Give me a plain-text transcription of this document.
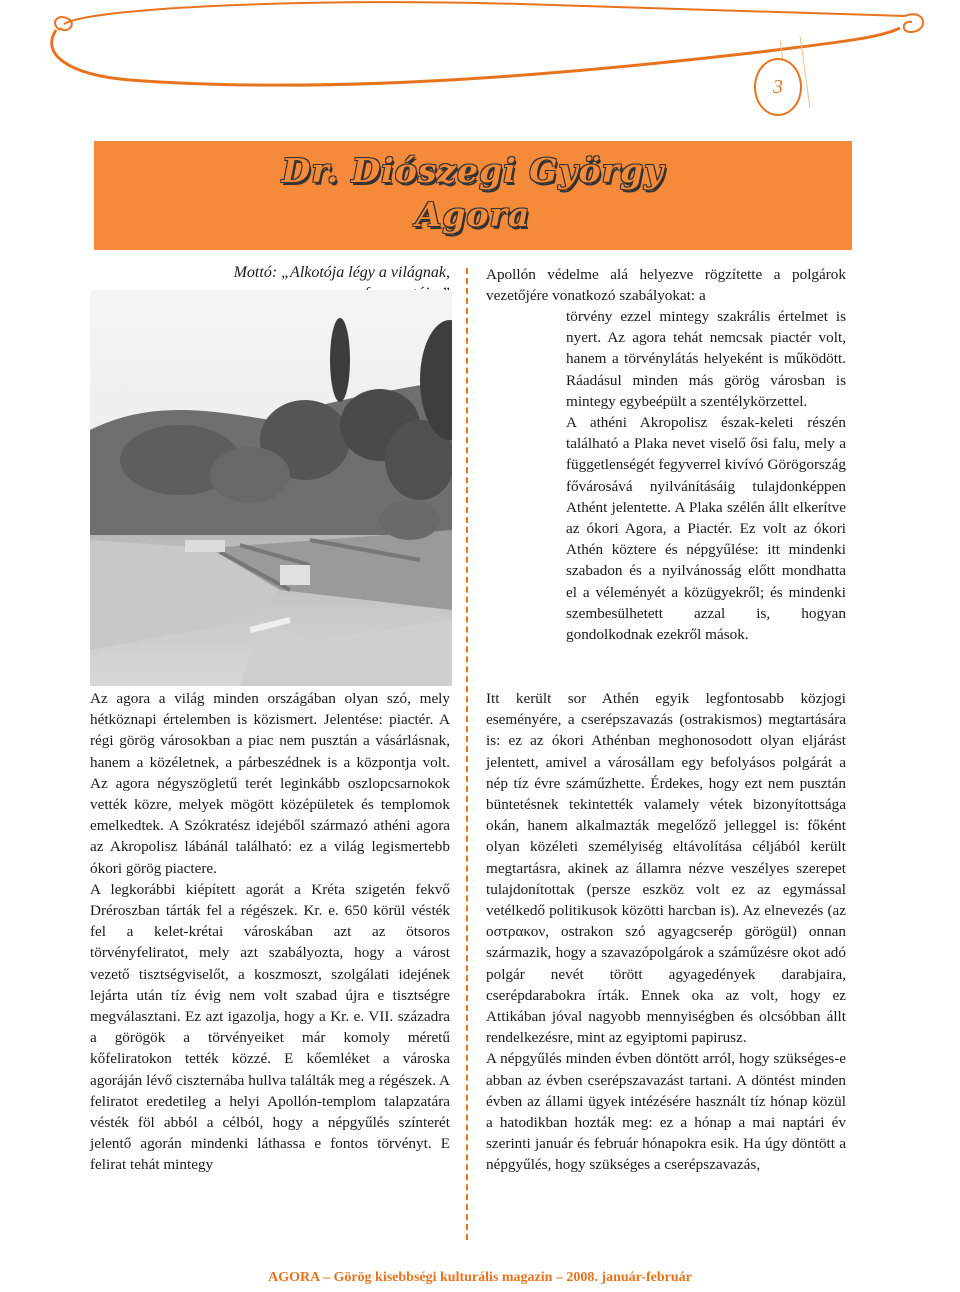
3
Dr. Diószegi György
Agora
Mottó: „Alkotója légy a világnak,

Az agora a világ minden országában olyan szó, mely hétköznapi értelemben is közismert. Jelentése: piactér. A régi görög városokban a piac nem pusztán a vásárlásnak, hanem a közéletnek, a párbeszédnek is a központja volt. Az agora négyszögletű terét leginkább oszlopcsarnokok vették közre, melyek mögött középületek és templomok emelkedtek. A Szókratész idejéből származó athéni agora az Akropolisz lábánál található: ez a világ legismertebb ókori görög piactere.

A legkorábbi kiépített agorát a Kréta szigetén fekvő Dréroszban tárták fel a régészek. Kr. e. 650 körül vésték fel a kelet-krétai városkában azt az ötsoros törvényfeliratot, mely azt szabályozta, hogy a várost vezető tisztségviselőt, a koszmoszt, szolgálati idejének lejárta után tíz évig nem volt szabad újra e tisztségre megválasztani. Ez azt igazolja, hogy a Kr. e. VII. századra a görögök a törvényeiket már komoly méretű kőfeliratokon tették közzé. E kőemléket a városka agoráján lévő ciszternába hullva találták meg a régészek. A feliratot eredetileg a helyi Apollón-templom talapzatára vésték föl abból a célból, hogy a népgyűlés színterét jelentő agorán mindenki láthassa e fontos törvényt. E felirat tehát mintegy

Apollón védelme alá helyezve rögzítette a polgárok vezetőjére vonatkozó szabályokat: a

törvény ezzel mintegy szakrális értelmet is nyert. Az agora tehát nemcsak piactér volt, hanem a törvénylátás helyeként is működött. Ráadásul minden más görög városban is mintegy egybeépült a szentélykörzettel.

A athéni Akropolisz észak-keleti részén található a Plaka nevet viselő ősi falu, mely a függetlenségét fegyverrel kivívó Görögország fővárosává nyilvánításáig tulajdonképpen Athént jelentette. A Plaka szélén állt elkerítve az ókori Agora, a Piactér. Ez volt az ókori Athén köztere és népgyűlése: itt mindenki szabadon és a nyilvánosság előtt mondhatta el a véleményét a közügyekről; és mindenki szembesülhetett azzal is, hogyan gondolkodnak ezekről mások.

Itt került sor Athén egyik legfontosabb közjogi eseményére, a cserépszavazás (ostrakismos) megtartására is: ez az ókori Athénban meghonosodott olyan eljárást jelentett, amivel a városállam egy befolyásos polgárát a nép tíz évre száműzhette. Érdekes, hogy ezt nem pusztán büntetésnek tekintették valamely vétek bizonyítottsága okán, hanem alkalmazták megelőző jelleggel is: főként olyan közéleti személyiség eltávolítása céljából került megtartásra, akinek az államra nézve veszélyes szerepet tulajdonítottak (persze eszköz volt ez az egymással vetélkedő politikusok közötti harcban is). Az elnevezés (az οστρακον, ostrakon szó agyagcserép görögül) onnan származik, hogy a szavazópolgárok a száműzésre okot adó polgár nevét törött agyagedények darabjaira, cserépdarabokra írták. Ennek oka az volt, hogy ez Attikában jóval nagyobb mennyiségben és olcsóbban állt rendelkezésre, mint az egyiptomi papirusz.

A népgyűlés minden évben döntött arról, hogy szükséges-e abban az évben cserépszavazást tartani. A döntést minden évben az állami ügyek intézésére használt tíz hónap közül a hatodikban hozták meg: ez a hónap a mai naptári év szerinti január és február hónapokra esik. Ha úgy döntött a népgyűlés, hogy szükséges a cserépszavazás,

AGORA – Görög kisebbségi kulturális magazin – 2008. január-február
